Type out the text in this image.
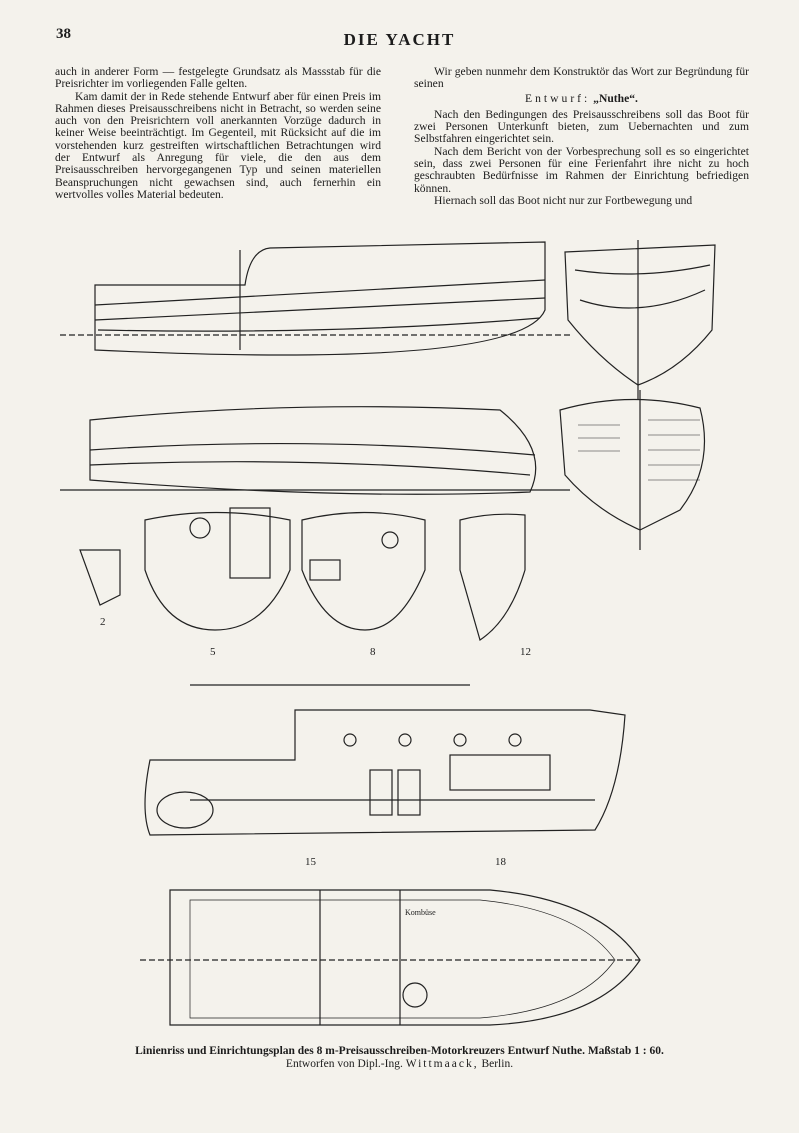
38	DIE YACHT

auch in anderer Form — festgelegte Grundsatz als Massstab für die Preisrichter im vorliegenden Falle gelten.

Kam damit der in Rede stehende Entwurf aber für einen Preis im Rahmen dieses Preisausschreibens nicht in Betracht, so werden seine auch von den Preisrichtern voll anerkannten Vorzüge dadurch in keiner Weise beeinträchtigt. Im Gegenteil, mit Rücksicht auf die im vorstehenden kurz gestreiften wirtschaftlichen Betrachtungen wird der Entwurf als Anregung für viele, die den aus dem Preisausschreiben hervorgegangenen Typ und seinen materiellen Beanspruchungen nicht gewachsen sind, auch fernerhin ein wertvolles volles Material bedeuten.

Wir geben nunmehr dem Konstruktör das Wort zur Begründung für seinen

Entwurf: „Nuthe“.

Nach den Bedingungen des Preisausschreibens soll das Boot für zwei Personen Unterkunft bieten, zum Uebernachten und zum Selbstfahren eingerichtet sein.

Nach dem Bericht von der Vorbesprechung soll es so eingerichtet sein, dass zwei Personen für eine Ferienfahrt ihre nicht zu hoch geschraubten Bedürfnisse im Rahmen der Einrichtung befriedigen können.

Hiernach soll das Boot nicht nur zur Fortbewegung und

2
5	8	12
15	18
Kombüse
Linienriss und Einrichtungsplan des 8 m-Preisausschreiben-Motorkreuzers Entwurf Nuthe. Maßstab 1 : 60.
Entworfen von Dipl.-Ing. Wittmaack, Berlin.
